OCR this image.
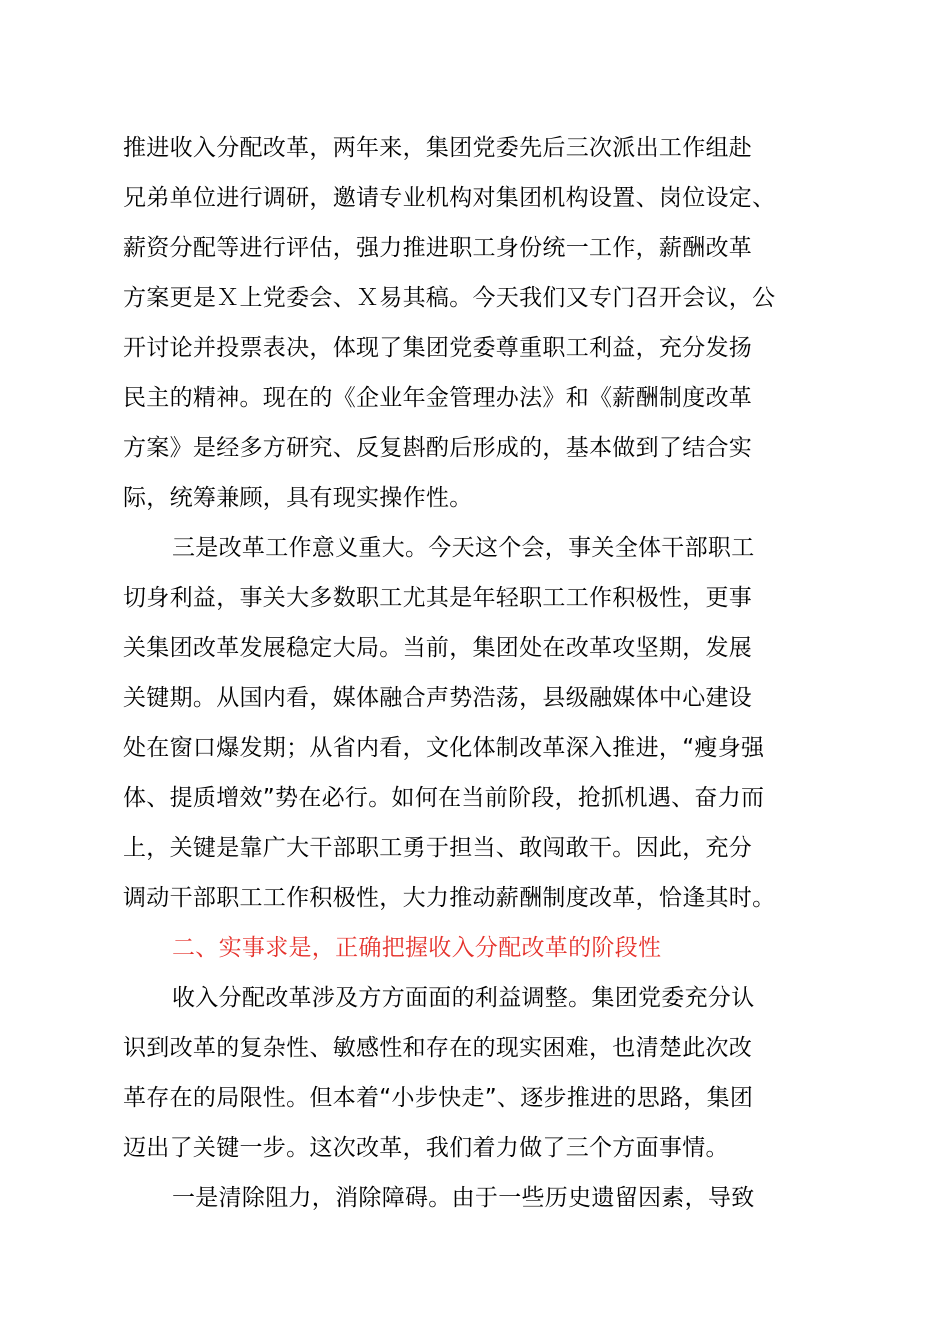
推进收入分配改革，两年来，集团党委先后三次派出工作组赴
兄弟单位进行调研，邀请专业机构对集团机构设置、岗位设定、
薪资分配等进行评估，强力推进职工身份统一工作，薪酬改革
方案更是Ｘ上党委会、Ｘ易其稿。今天我们又专门召开会议，公
开讨论并投票表决，体现了集团党委尊重职工利益，充分发扬
民主的精神。现在的《企业年金管理办法》和《薪酬制度改革
方案》是经多方研究、反复斟酌后形成的，基本做到了结合实
际，统筹兼顾，具有现实操作性。
三是改革工作意义重大。今天这个会，事关全体干部职工
切身利益，事关大多数职工尤其是年轻职工工作积极性，更事
关集团改革发展稳定大局。当前，集团处在改革攻坚期，发展
关键期。从国内看，媒体融合声势浩荡，县级融媒体中心建设
处在窗口爆发期；从省内看，文化体制改革深入推进，“瘦身强
体、提质增效”势在必行。如何在当前阶段，抢抓机遇、奋力而
上，关键是靠广大干部职工勇于担当、敢闯敢干。因此，充分
调动干部职工工作积极性，大力推动薪酬制度改革，恰逢其时。
二、实事求是，正确把握收入分配改革的阶段性
收入分配改革涉及方方面面的利益调整。集团党委充分认
识到改革的复杂性、敏感性和存在的现实困难，也清楚此次改
革存在的局限性。但本着“小步快走”、逐步推进的思路，集团
迈出了关键一步。这次改革，我们着力做了三个方面事情。
一是清除阻力，消除障碍。由于一些历史遗留因素，导致
